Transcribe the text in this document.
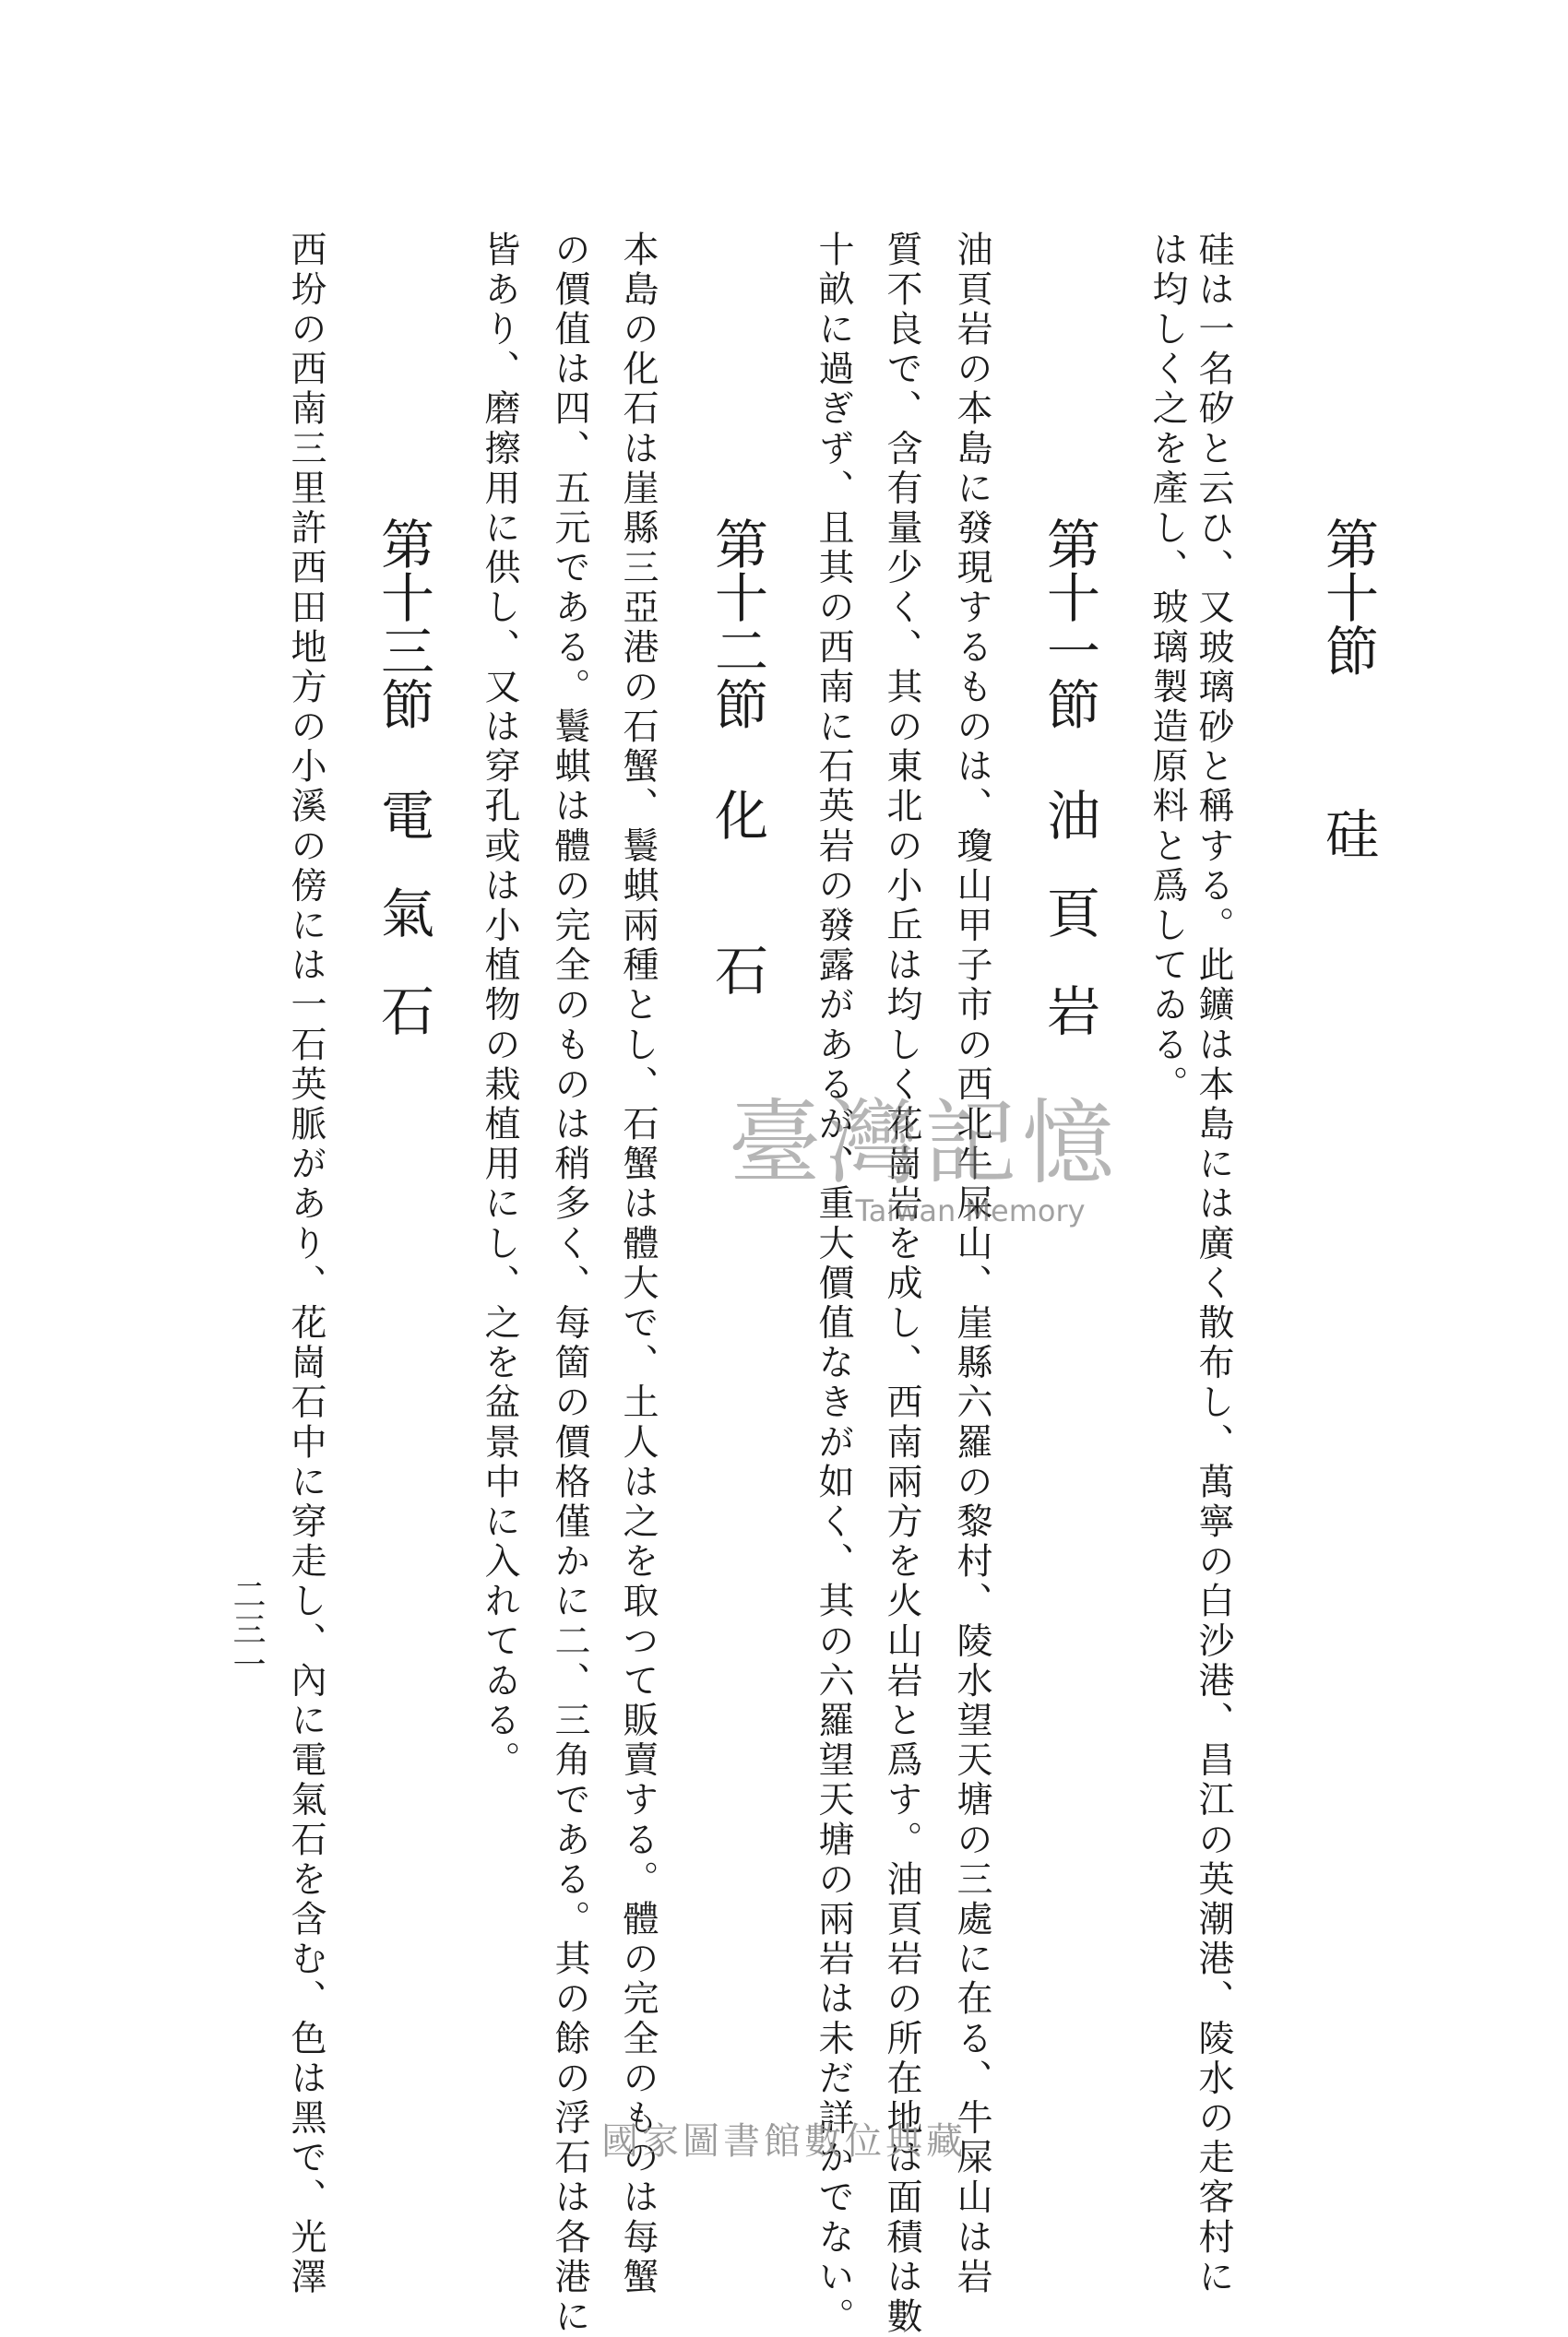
第十節硅
硅は一名矽と云ひ、又玻璃砂と稱する。此鑛は本島には廣く散布し、萬寧の白沙港、昌江の英潮港、陵水の走客村に
は均しく之を產し、玻璃製造原料と爲してゐる。
第十一節油頁岩
油頁岩の本島に發現するものは、瓊山甲子市の西北牛屎山、崖縣六羅の黎村、陵水望天塘の三處に在る、牛屎山は岩
質不良で、含有量少く、其の東北の小丘は均しく花崗岩を成し、西南兩方を火山岩と爲す。油頁岩の所在地は面積は數
十畝に過ぎず、且其の西南に石英岩の發露があるが、重大價值なきが如く、其の六羅望天塘の兩岩は未だ詳かでない。
第十二節化石
本島の化石は崖縣三亞港の石蟹、鬟蜞兩種とし、石蟹は體大で、土人は之を取つて販賣する。體の完全のものは每蟹
の價值は四、五元である。鬟蜞は體の完全のものは稍多く、每箇の價格僅かに二、三角である。其の餘の浮石は各港に
皆あり、磨擦用に供し、又は穿孔或は小植物の栽植用にし、之を盆景中に入れてゐる。
第十三節電氣石
西坋の西南三里許西田地方の小溪の傍には一石英脈があり、花崗石中に穿走し、內に電氣石を含む、色は黑で、光澤
二三一
臺灣記憶
Taiwan Memory
國家圖書館數位典藏
